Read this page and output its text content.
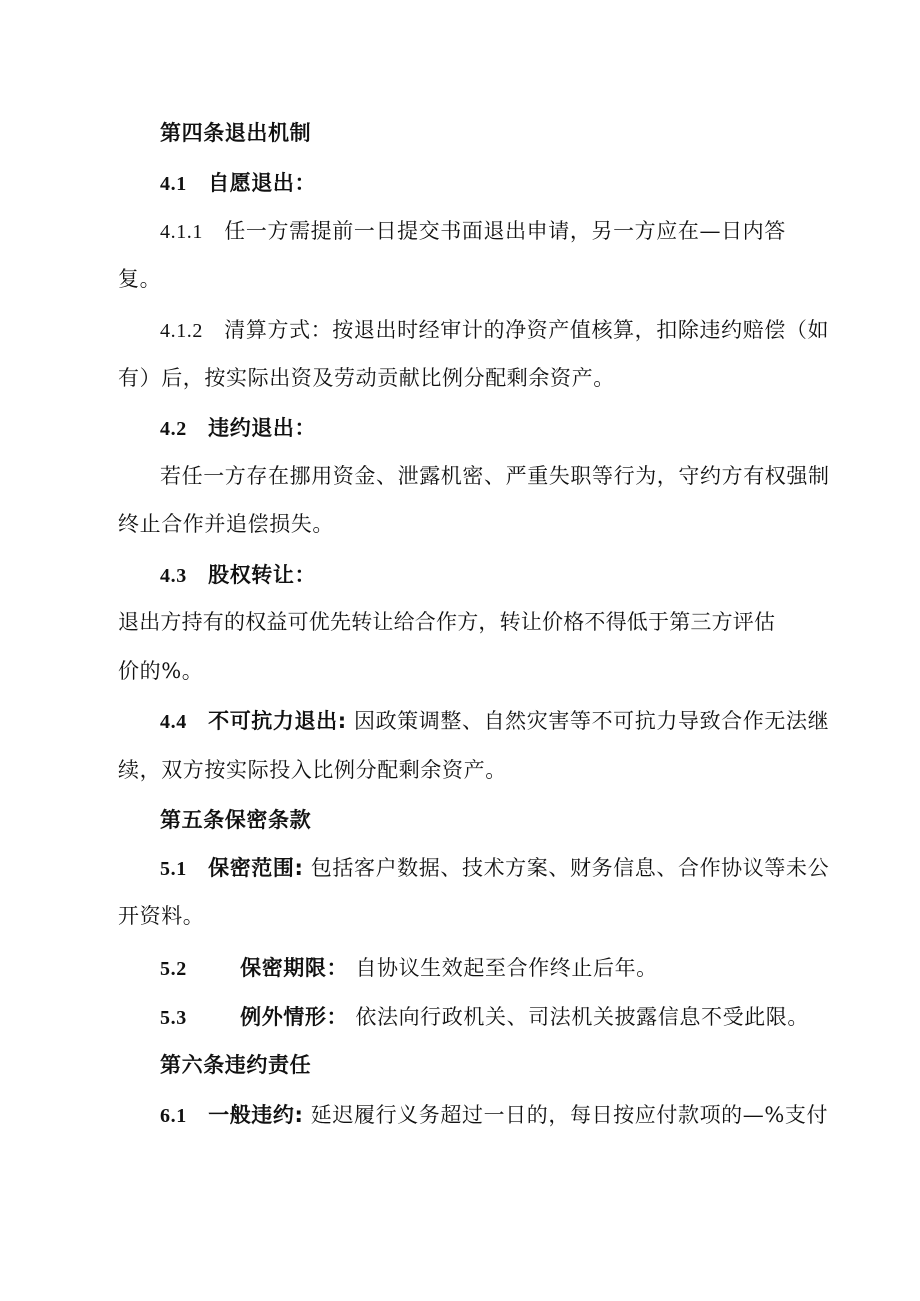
第四条退出机制
4.1 自愿退出：
4.1.1 任一方需提前一日提交书面退出申请，另一方应在—日内答
复。
4.1.2 清算方式：按退出时经审计的净资产值核算，扣除违约赔偿（如
有）后，按实际出资及劳动贡献比例分配剩余资产。
4.2 违约退出：
若任一方存在挪用资金、泄露机密、严重失职等行为，守约方有权强制
终止合作并追偿损失。
4.3 股权转让：
退出方持有的权益可优先转让给合作方，转让价格不得低于第三方评估
价的%。
4.4 不可抗力退出: 因政策调整、自然灾害等不可抗力导致合作无法继
续，双方按实际投入比例分配剩余资产。
第五条保密条款
5.1 保密范围: 包括客户数据、技术方案、财务信息、合作协议等未公
开资料。
5.2	保密期限： 自协议生效起至合作终止后年。
5.3	例外情形： 依法向行政机关、司法机关披露信息不受此限。
第六条违约责任
6.1 一般违约: 延迟履行义务超过一日的，每日按应付款项的—%支付
